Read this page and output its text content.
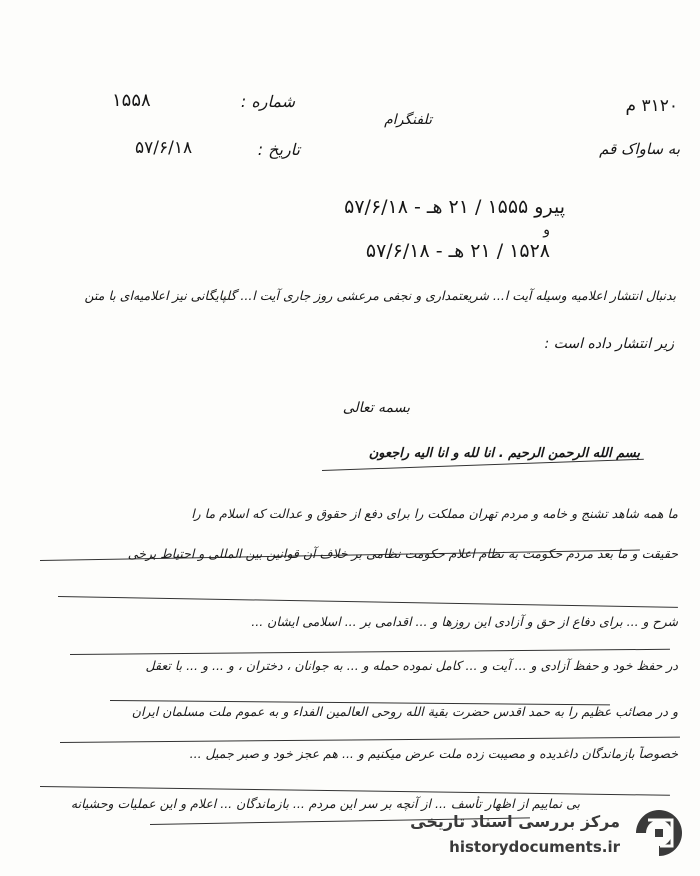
شماره :
۱۵۵۸	۳۱۲۰ م
تلفنگرام
به ساواک قم
تاریخ :
۵۷/۶/۱۸
پیرو ۱۵۵۵ / ۲۱ هـ - ۵۷/۶/۱۸
و
۱۵۲۸ / ۲۱ هـ - ۵۷/۶/۱۸
بدنبال انتشار اعلامیه وسیله آیت ا... شریعتمداری و نجفی مرعشی روز جاری آیت ا... گلپایگانی نیز اعلامیه‌ای با متن
زیر انتشار داده است :
بسمه تعالی
بسم الله الرحمن الرحیم . انا لله و انا الیه راجعون
ما همه شاهد تشنج و خامه و مردم تهران مملکت را برای دفع از حقوق و عدالت که اسلام ما را
حقیقت و ما بعد مردم حکومت به نظام اعلام حکومت نظامی بر خلاف آن قوانین بین المللی و احتیاط برخی
شرح و ... برای دفاع از حق و آزادی این روزها و ... اقدامی بر ... اسلامی ایشان ...
در حفظ خود و حفظ آزادی و ... آیت و ... کامل نموده حمله و ... به جوانان ، دختران ، و ... و ... با تعقل
و در مصائب عظیم را به حمد اقدس حضرت بقیة الله روحی العالمین الفداء و به عموم ملت مسلمان ایران
خصوصاً بازماندگان داغدیده و مصیبت زده ملت عرض میکنیم و ... هم عجز خود و صبر جمیل ...
بی نماییم از اظهار تأسف ... از آنچه بر سر این مردم ... بازماندگان ... اعلام و این عملیات وحشیانه
مرکز بررسی اسناد تاریخی
historydocuments.ir
